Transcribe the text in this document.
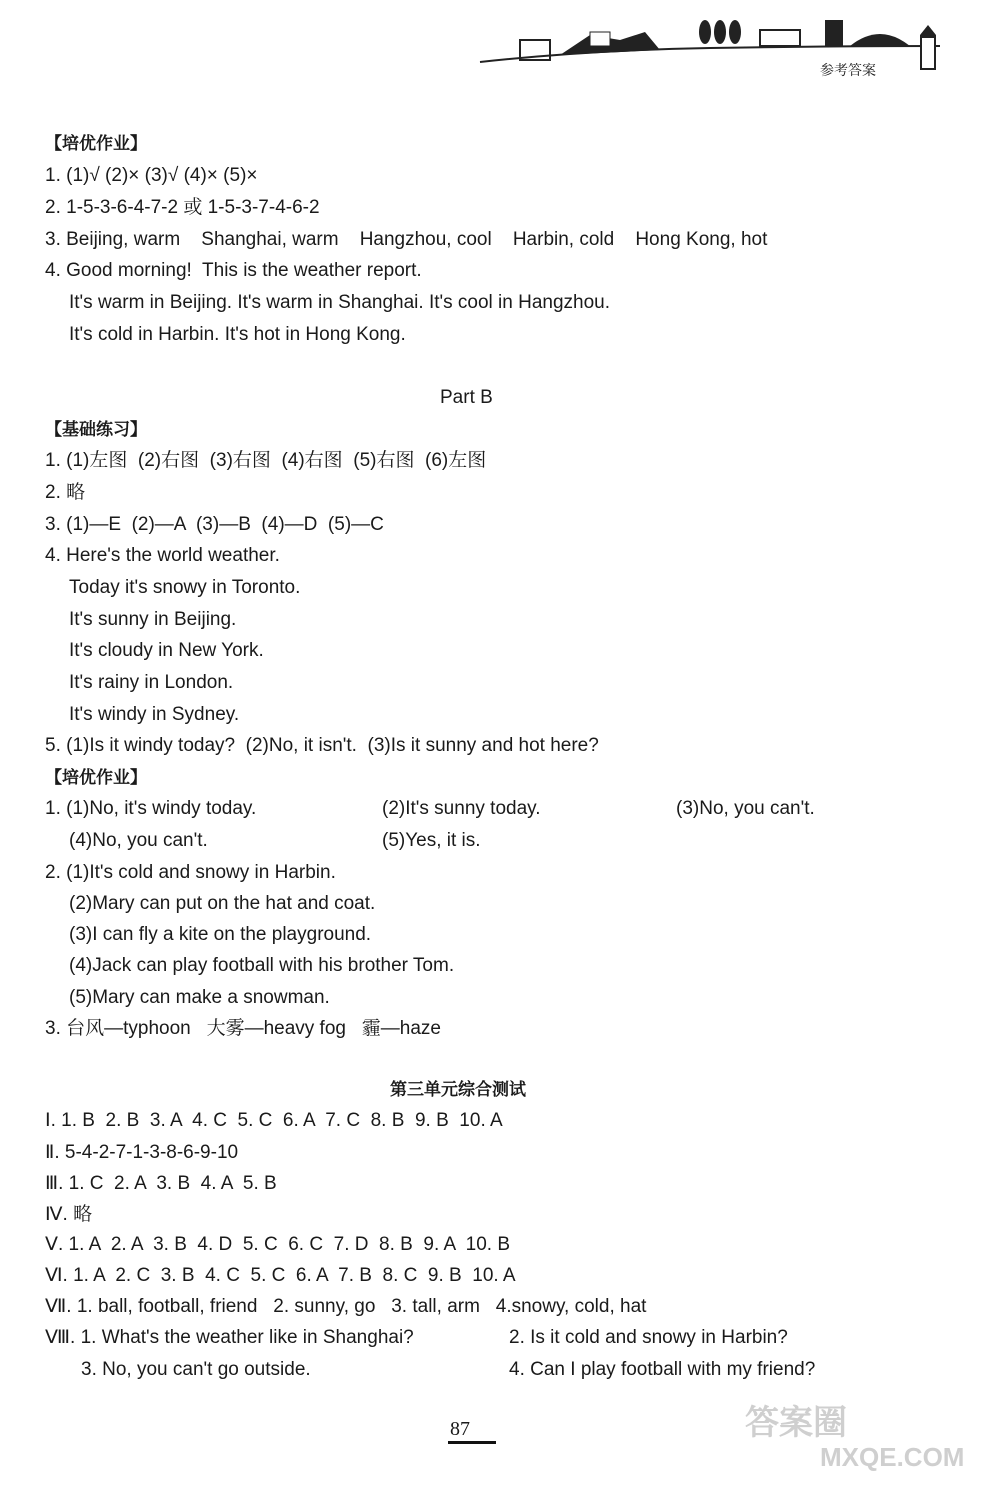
参考答案
【培优作业】
1. (1)√ (2)× (3)√ (4)× (5)×
2. 1-5-3-6-4-7-2 或 1-5-3-7-4-6-2
3. Beijing, warm    Shanghai, warm    Hangzhou, cool    Harbin, cold    Hong Kong, hot
4. Good morning!  This is the weather report.
It's warm in Beijing. It's warm in Shanghai. It's cool in Hangzhou.
It's cold in Harbin. It's hot in Hong Kong.
Part B
【基础练习】
1. (1)左图  (2)右图  (3)右图  (4)右图  (5)右图  (6)左图
2. 略
3. (1)—E  (2)—A  (3)—B  (4)—D  (5)—C
4. Here's the world weather.
Today it's snowy in Toronto.
It's sunny in Beijing.
It's cloudy in New York.
It's rainy in London.
It's windy in Sydney.
5. (1)Is it windy today?  (2)No, it isn't.  (3)Is it sunny and hot here?
【培优作业】
1. (1)No, it's windy today.	(2)It's sunny today.	(3)No, you can't.
(4)No, you can't.	(5)Yes, it is.
2. (1)It's cold and snowy in Harbin.
(2)Mary can put on the hat and coat.
(3)I can fly a kite on the playground.
(4)Jack can play football with his brother Tom.
(5)Mary can make a snowman.
3. 台风—typhoon   大雾—heavy fog   霾—haze
第三单元综合测试
Ⅰ. 1. B  2. B  3. A  4. C  5. C  6. A  7. C  8. B  9. B  10. A
Ⅱ. 5-4-2-7-1-3-8-6-9-10
Ⅲ. 1. C  2. A  3. B  4. A  5. B
Ⅳ. 略
Ⅴ. 1. A  2. A  3. B  4. D  5. C  6. C  7. D  8. B  9. A  10. B
Ⅵ. 1. A  2. C  3. B  4. C  5. C  6. A  7. B  8. C  9. B  10. A
Ⅶ. 1. ball, football, friend   2. sunny, go   3. tall, arm   4.snowy, cold, hat
Ⅷ. 1. What's the weather like in Shanghai?	2. Is it cold and snowy in Harbin?
3. No, you can't go outside.	4. Can I play football with my friend?
87	答案圈
MXQE.COM
